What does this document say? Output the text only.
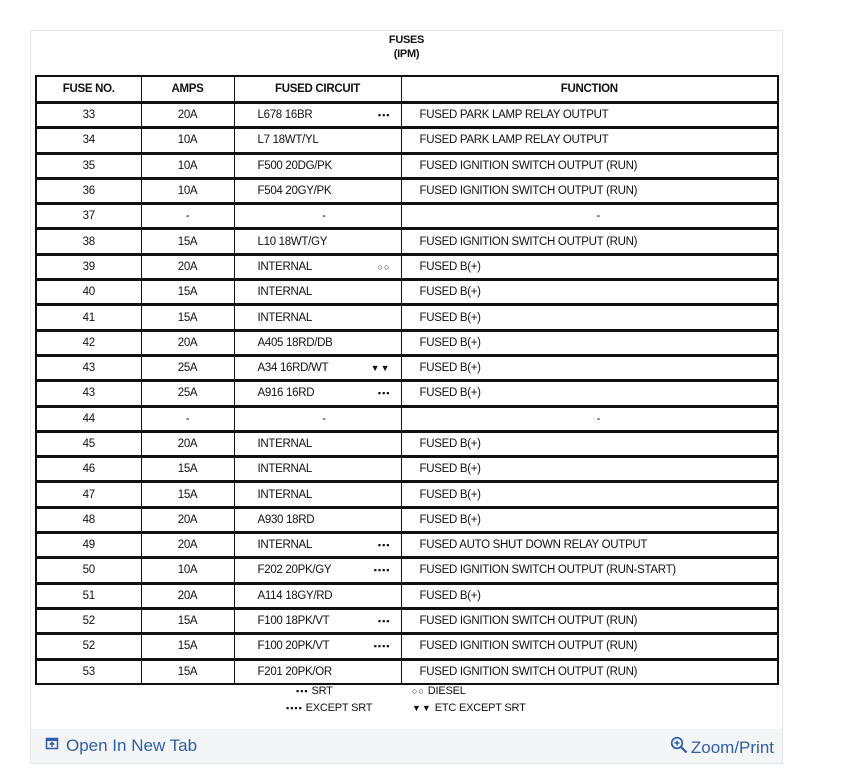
FUSES
(IPM)
FUSE NO.	AMPS	FUSED CIRCUIT	FUNCTION
33	20A	L678 16BR ▪▪▪	FUSED PARK LAMP RELAY OUTPUT
34	10A	L7 18WT/YL	FUSED PARK LAMP RELAY OUTPUT
35	10A	F500 20DG/PK	FUSED IGNITION SWITCH OUTPUT (RUN)
36	10A	F504 20GY/PK	FUSED IGNITION SWITCH OUTPUT (RUN)
37	-	-	-
38	15A	L10 18WT/GY	FUSED IGNITION SWITCH OUTPUT (RUN)
39	20A	INTERNAL ○○	FUSED B(+)
40	15A	INTERNAL	FUSED B(+)
41	15A	INTERNAL	FUSED B(+)
42	20A	A405 18RD/DB	FUSED B(+)
43	25A	A34 16RD/WT ▼▼	FUSED B(+)
43	25A	A916 16RD ▪▪▪	FUSED B(+)
44	-	-	-
45	20A	INTERNAL	FUSED B(+)
46	15A	INTERNAL	FUSED B(+)
47	15A	INTERNAL	FUSED B(+)
48	20A	A930 18RD	FUSED B(+)
49	20A	INTERNAL ▪▪▪	FUSED AUTO SHUT DOWN RELAY OUTPUT
50	10A	F202 20PK/GY ▪▪▪▪	FUSED IGNITION SWITCH OUTPUT (RUN-START)
51	20A	A114 18GY/RD	FUSED B(+)
52	15A	F100 18PK/VT ▪▪▪	FUSED IGNITION SWITCH OUTPUT (RUN)
52	15A	F100 20PK/VT ▪▪▪▪	FUSED IGNITION SWITCH OUTPUT (RUN)
53	15A	F201 20PK/OR	FUSED IGNITION SWITCH OUTPUT (RUN)
▪▪▪ SRT	○○ DIESEL
▪▪▪▪ EXCEPT SRT	▼▼ ETC EXCEPT SRT
Open In New Tab	Zoom/Print
